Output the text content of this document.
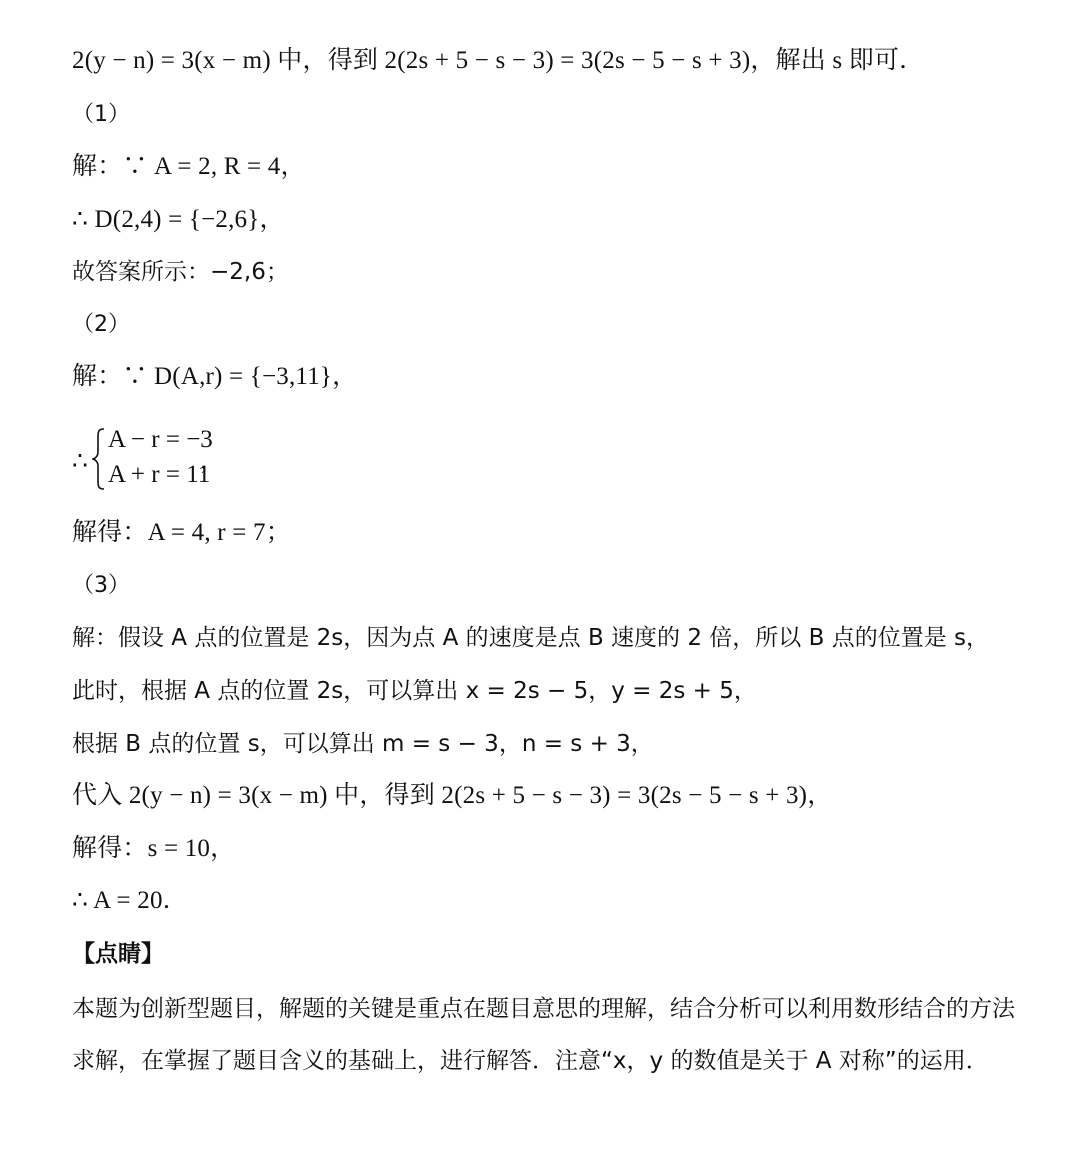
2(y − n) = 3(x − m) 中，得到 2(2s + 5 − s − 3) = 3(2s − 5 − s + 3)，解出 s 即可．
（1）
解：∵ A = 2, R = 4，
∴ D(2,4) = {−2,6}，
故答案所示：−2,6；
（2）
解：∵ D(A,r) = {−3,11}，
∴
A − r = −3
A + r = 11
，
解得：A = 4, r = 7；
（3）
解：假设 A 点的位置是 2s，因为点 A 的速度是点 B 速度的 2 倍，所以 B 点的位置是 s，
此时，根据 A 点的位置 2s，可以算出 x = 2s − 5，y = 2s + 5，
根据 B 点的位置 s，可以算出 m = s − 3，n = s + 3，
代入 2(y − n) = 3(x − m) 中，得到 2(2s + 5 − s − 3) = 3(2s − 5 − s + 3)，
解得：s = 10，
∴ A = 20．
【点睛】
本题为创新型题目，解题的关键是重点在题目意思的理解，结合分析可以利用数形结合的方法求解，在掌握了题目含义的基础上，进行解答．注意“x，y 的数值是关于 A 对称”的运用．
